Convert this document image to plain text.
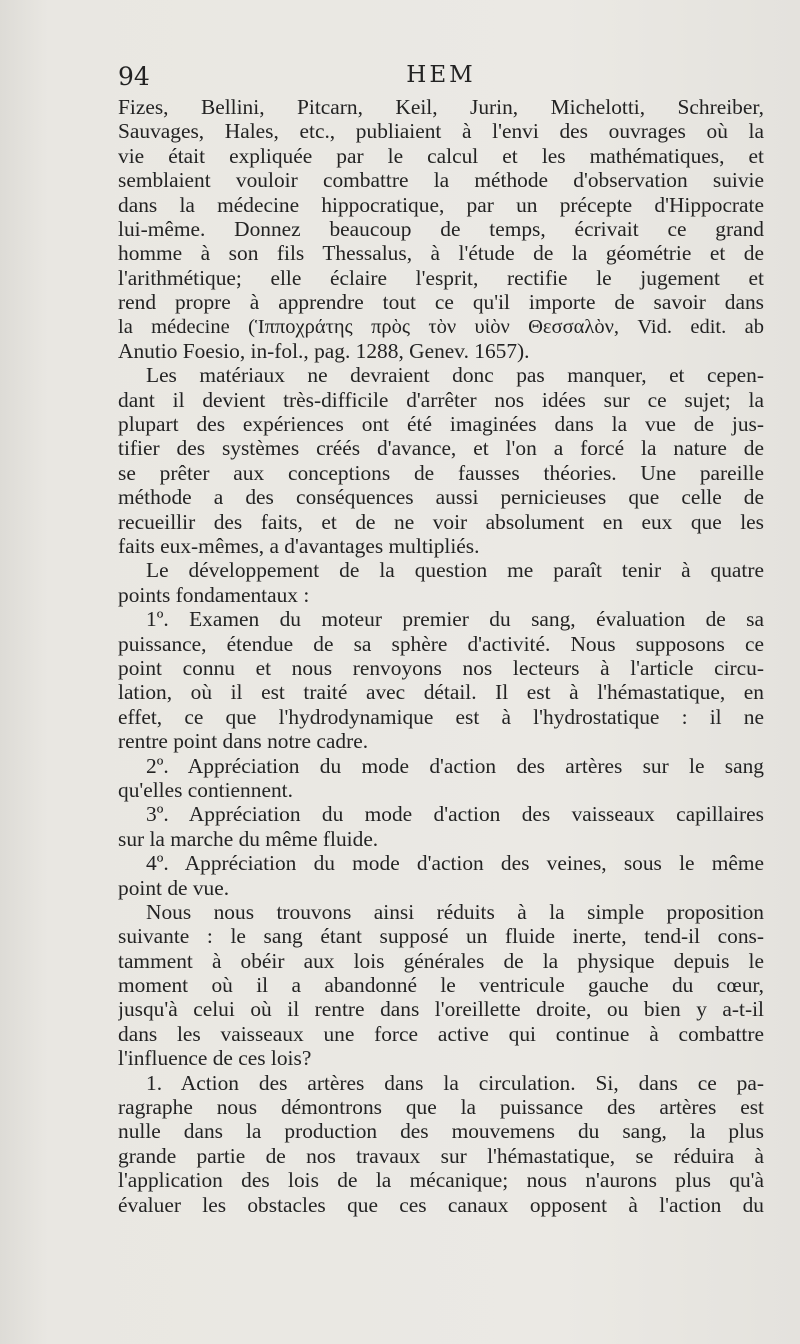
94	HEM
Fizes, Bellini, Pitcarn, Keil, Jurin, Michelotti, Schreiber,
Sauvages, Hales, etc., publiaient à l'envi des ouvrages où la
vie était expliquée par le calcul et les mathématiques, et
semblaient vouloir combattre la méthode d'observation suivie
dans la médecine hippocratique, par un précepte d'Hippocrate
lui-même. Donnez beaucoup de temps, écrivait ce grand
homme à son fils Thessalus, à l'étude de la géométrie et de
l'arithmétique; elle éclaire l'esprit, rectifie le jugement et
rend propre à apprendre tout ce qu'il importe de savoir dans
la médecine (Ἱπποχράτης πρὸς τὸν υἱὸν Θεσσαλὸν, Vid. edit. ab
Anutio Foesio, in-fol., pag. 1288, Genev. 1657).
Les matériaux ne devraient donc pas manquer, et cepen-
dant il devient très-difficile d'arrêter nos idées sur ce sujet; la
plupart des expériences ont été imaginées dans la vue de jus-
tifier des systèmes créés d'avance, et l'on a forcé la nature de
se prêter aux conceptions de fausses théories. Une pareille
méthode a des conséquences aussi pernicieuses que celle de
recueillir des faits, et de ne voir absolument en eux que les
faits eux-mêmes, a d'avantages multipliés.
Le développement de la question me paraît tenir à quatre
points fondamentaux :
1º. Examen du moteur premier du sang, évaluation de sa
puissance, étendue de sa sphère d'activité. Nous supposons ce
point connu et nous renvoyons nos lecteurs à l'article circu-
lation, où il est traité avec détail. Il est à l'hémastatique, en
effet, ce que l'hydrodynamique est à l'hydrostatique : il ne
rentre point dans notre cadre.
2º. Appréciation du mode d'action des artères sur le sang
qu'elles contiennent.
3º. Appréciation du mode d'action des vaisseaux capillaires
sur la marche du même fluide.
4º. Appréciation du mode d'action des veines, sous le même
point de vue.
Nous nous trouvons ainsi réduits à la simple proposition
suivante : le sang étant supposé un fluide inerte, tend-il cons-
tamment à obéir aux lois générales de la physique depuis le
moment où il a abandonné le ventricule gauche du cœur,
jusqu'à celui où il rentre dans l'oreillette droite, ou bien y a-t-il
dans les vaisseaux une force active qui continue à combattre
l'influence de ces lois?
1. Action des artères dans la circulation. Si, dans ce pa-
ragraphe nous démontrons que la puissance des artères est
nulle dans la production des mouvemens du sang, la plus
grande partie de nos travaux sur l'hémastatique, se réduira à
l'application des lois de la mécanique; nous n'aurons plus qu'à
évaluer les obstacles que ces canaux opposent à l'action du
